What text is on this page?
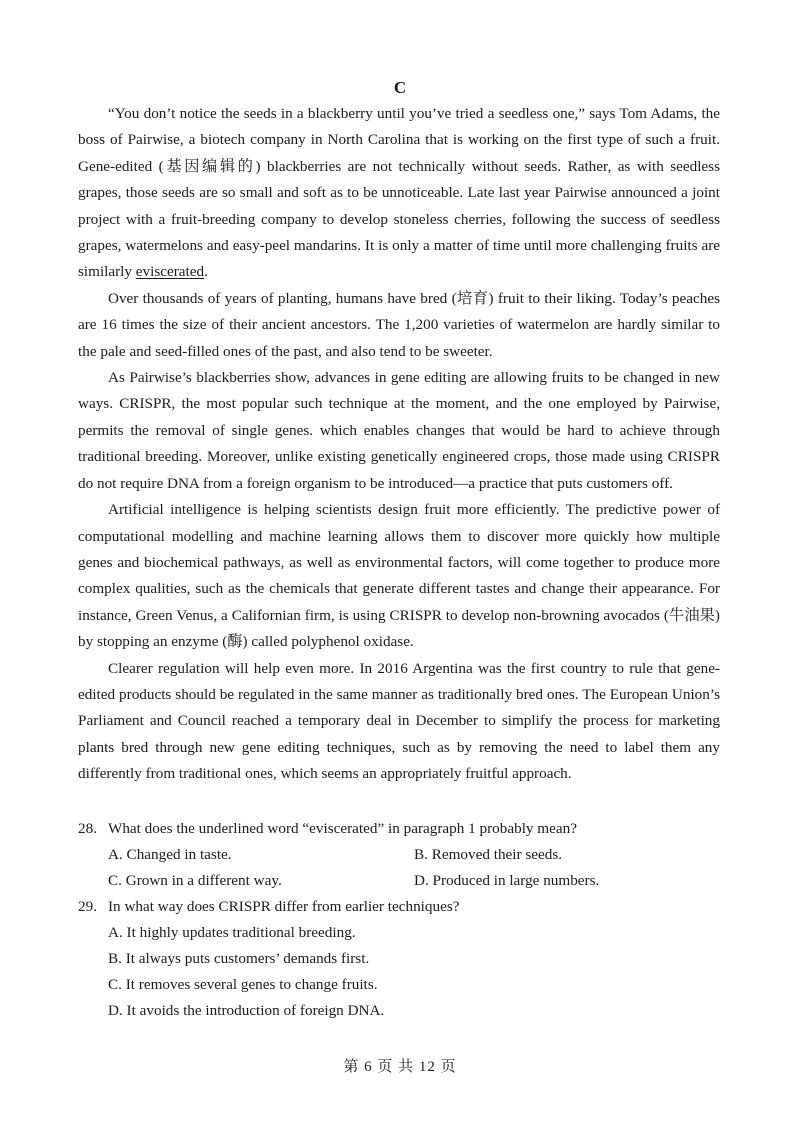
C

“You don’t notice the seeds in a blackberry until you’ve tried a seedless one,” says Tom Adams, the boss of Pairwise, a biotech company in North Carolina that is working on the first type of such a fruit. Gene-edited (基因编辑的) blackberries are not technically without seeds. Rather, as with seedless grapes, those seeds are so small and soft as to be unnoticeable. Late last year Pairwise announced a joint project with a fruit-breeding company to develop stoneless cherries, following the success of seedless grapes, watermelons and easy-peel mandarins. It is only a matter of time until more challenging fruits are similarly eviscerated.

Over thousands of years of planting, humans have bred (培育) fruit to their liking. Today’s peaches are 16 times the size of their ancient ancestors. The 1,200 varieties of watermelon are hardly similar to the pale and seed-filled ones of the past, and also tend to be sweeter.

As Pairwise’s blackberries show, advances in gene editing are allowing fruits to be changed in new ways. CRISPR, the most popular such technique at the moment, and the one employed by Pairwise, permits the removal of single genes. which enables changes that would be hard to achieve through traditional breeding. Moreover, unlike existing genetically engineered crops, those made using CRISPR do not require DNA from a foreign organism to be introduced—a practice that puts customers off.

Artificial intelligence is helping scientists design fruit more efficiently. The predictive power of computational modelling and machine learning allows them to discover more quickly how multiple genes and biochemical pathways, as well as environmental factors, will come together to produce more complex qualities, such as the chemicals that generate different tastes and change their appearance. For instance, Green Venus, a Californian firm, is using CRISPR to develop non-browning avocados (牛油果) by stopping an enzyme (酶) called polyphenol oxidase.

Clearer regulation will help even more. In 2016 Argentina was the first country to rule that gene-edited products should be regulated in the same manner as traditionally bred ones. The European Union’s Parliament and Council reached a temporary deal in December to simplify the process for marketing plants bred through new gene editing techniques, such as by removing the need to label them any differently from traditional ones, which seems an appropriately fruitful approach.

28. What does the underlined word “eviscerated” in paragraph 1 probably mean?
A. Changed in taste.	B. Removed their seeds.
C. Grown in a different way.	D. Produced in large numbers.
29. In what way does CRISPR differ from earlier techniques?
A. It highly updates traditional breeding.
B. It always puts customers’ demands first.
C. It removes several genes to change fruits.
D. It avoids the introduction of foreign DNA.
第 6 页 共 12 页
